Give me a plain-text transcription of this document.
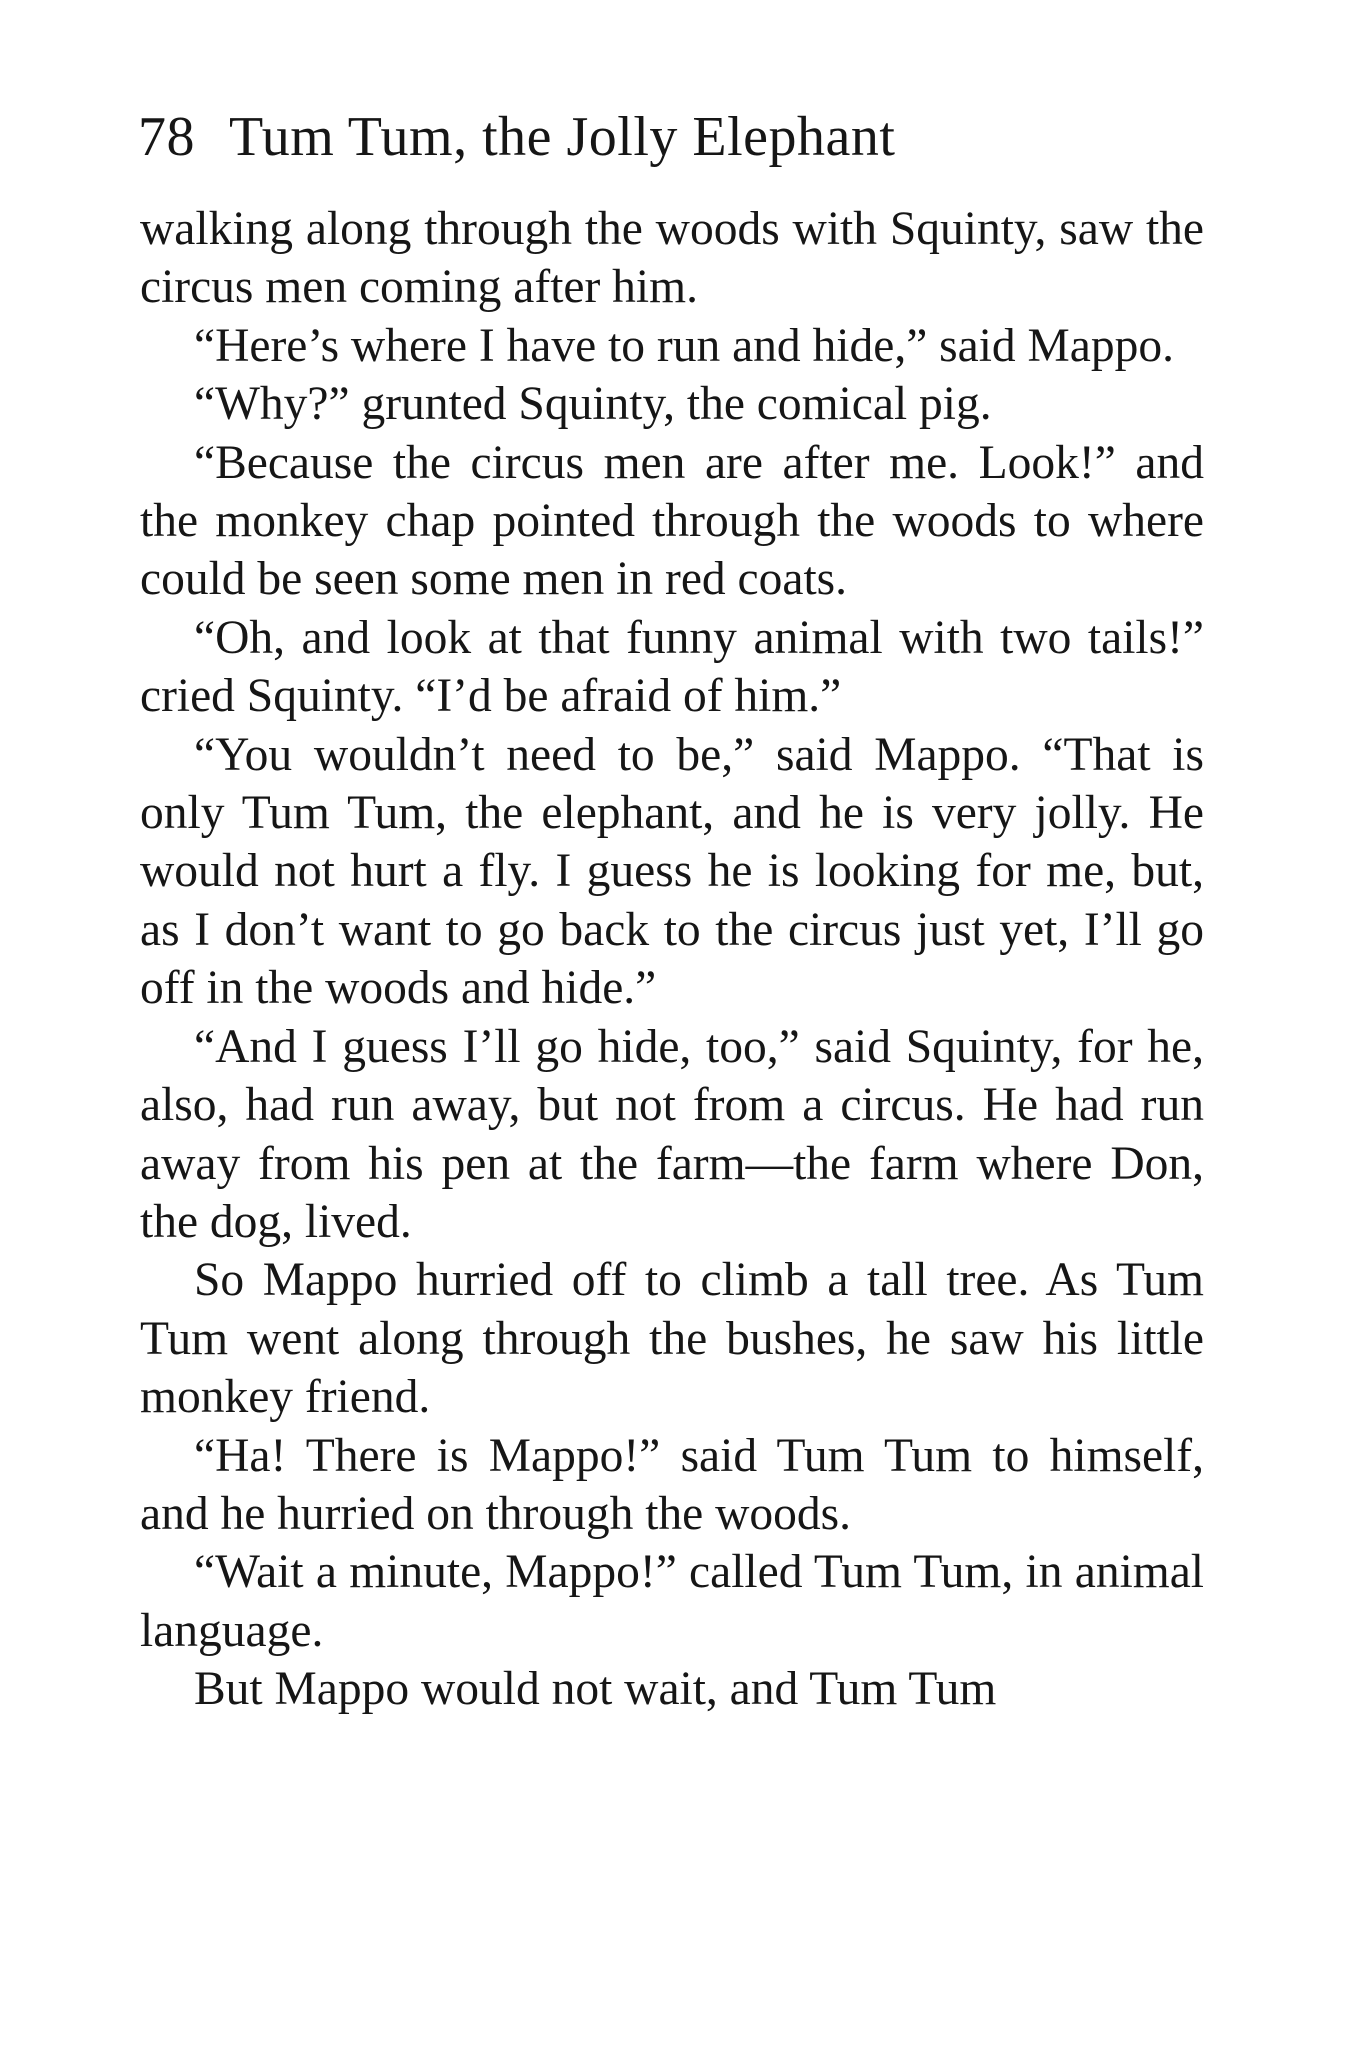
78 Tum Tum, the Jolly Elephant

walking along through the woods with Squinty, saw the circus men coming after him.

“Here’s where I have to run and hide,” said Mappo.

“Why?” grunted Squinty, the comical pig.

“Because the circus men are after me. Look!” and the monkey chap pointed through the woods to where could be seen some men in red coats.

“Oh, and look at that funny animal with two tails!” cried Squinty. “I’d be afraid of him.”

“You wouldn’t need to be,” said Mappo. “That is only Tum Tum, the elephant, and he is very jolly. He would not hurt a fly. I guess he is looking for me, but, as I don’t want to go back to the circus just yet, I’ll go off in the woods and hide.”

“And I guess I’ll go hide, too,” said Squinty, for he, also, had run away, but not from a circus. He had run away from his pen at the farm—the farm where Don, the dog, lived.

So Mappo hurried off to climb a tall tree. As Tum Tum went along through the bushes, he saw his little monkey friend.

“Ha! There is Mappo!” said Tum Tum to himself, and he hurried on through the woods.

“Wait a minute, Mappo!” called Tum Tum, in animal language.

But Mappo would not wait, and Tum Tum
